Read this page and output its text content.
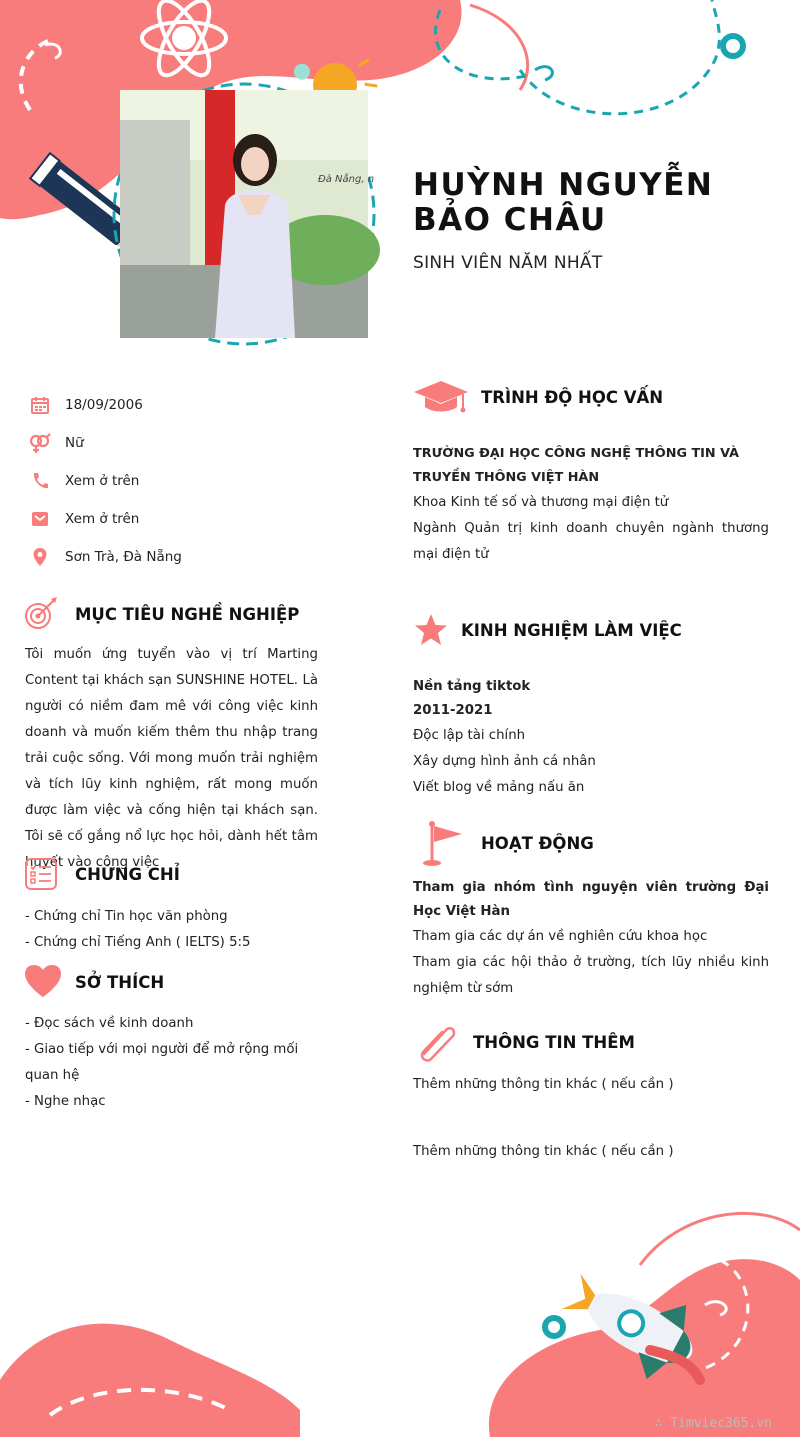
Đà Nẵng, n HUỲNH NGUYỄN BẢO CHÂU
SINH VIÊN NĂM NHẤT
18/09/2006
Nữ
Xem ở trên
Xem ở trên
Sơn Trà, Đà Nẵng
MỤC TIÊU NGHỀ NGHIỆP
Tôi muốn ứng tuyển vào vị trí Marting Content tại khách sạn SUNSHINE HOTEL. Là người có niềm đam mê với công việc kinh doanh và muốn kiếm thêm thu nhập trang trải cuộc sống. Với mong muốn trải nghiệm và tích lũy kinh nghiệm, rất mong muốn được làm việc và cống hiện tại khách sạn. Tôi sẽ cố gắng nổ lực học hỏi, dành hết tâm huyết vào công việc
CHỨNG CHỈ
- Chứng chỉ Tin học văn phòng
- Chứng chỉ Tiếng Anh ( IELTS) 5:5
SỞ THÍCH
- Đọc sách về kinh doanh
- Giao tiếp với mọi người để mở rộng mối quan hệ
- Nghe nhạc
TRÌNH ĐỘ HỌC VẤN
TRƯỜNG ĐẠI HỌC CÔNG NGHỆ THÔNG TIN VÀ TRUYỀN THÔNG VIỆT HÀN
Khoa Kinh tế số và thương mại điện tử
Ngành Quản trị kinh doanh chuyên ngành thương mại điện tử
KINH NGHIỆM LÀM VIỆC
Nền tảng tiktok
2011-2021
Độc lập tài chính
Xây dựng hình ảnh cá nhân
Viết blog về mảng nấu ăn
HOẠT ĐỘNG
Tham gia nhóm tình nguyện viên trường Đại Học Việt Hàn
Tham gia các dự án về nghiên cứu khoa học
Tham gia các hội thảo ở trường, tích lũy nhiều kinh nghiệm từ sớm
THÔNG TIN THÊM
Thêm những thông tin khác ( nếu cần )
Thêm những thông tin khác ( nếu cần )
∴ Timviec365.vn
